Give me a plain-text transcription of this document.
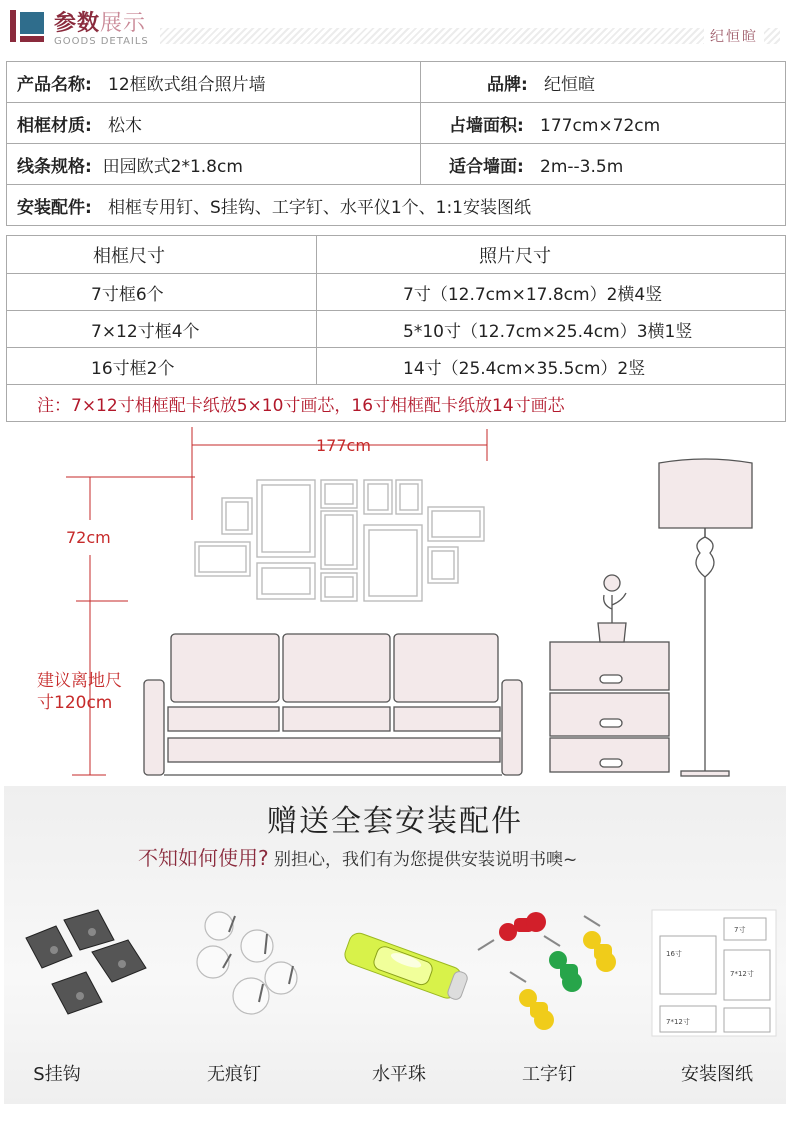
参数展示
GOODS DETAILS	纪恒暄
产品名称: 12框欧式组合照片墙	品牌: 纪恒暄
相框材质: 松木	占墙面积: 177cm×72cm
线条规格: 田园欧式2*1.8cm	适合墙面: 2m--3.5m
安装配件: 相框专用钉、S挂钩、工字钉、水平仪1个、1:1安装图纸	
相框尺寸	照片尺寸
7寸框6个	7寸（12.7cm×17.8cm）2横4竖
7×12寸框4个	5*10寸（12.7cm×25.4cm）3横1竖
16寸框2个	14寸（25.4cm×35.5cm）2竖
注：7×12寸相框配卡纸放5×10寸画芯，16寸相框配卡纸放14寸画芯	
177cm
72cm
建议离地尺
寸120cm
赠送全套安装配件
不知如何使用? 别担心，我们有为您提供安装说明书噢~
S挂钩	无痕钉	水平珠	工字钉
7寸
16寸
7*12寸
7*12寸
安装图纸
